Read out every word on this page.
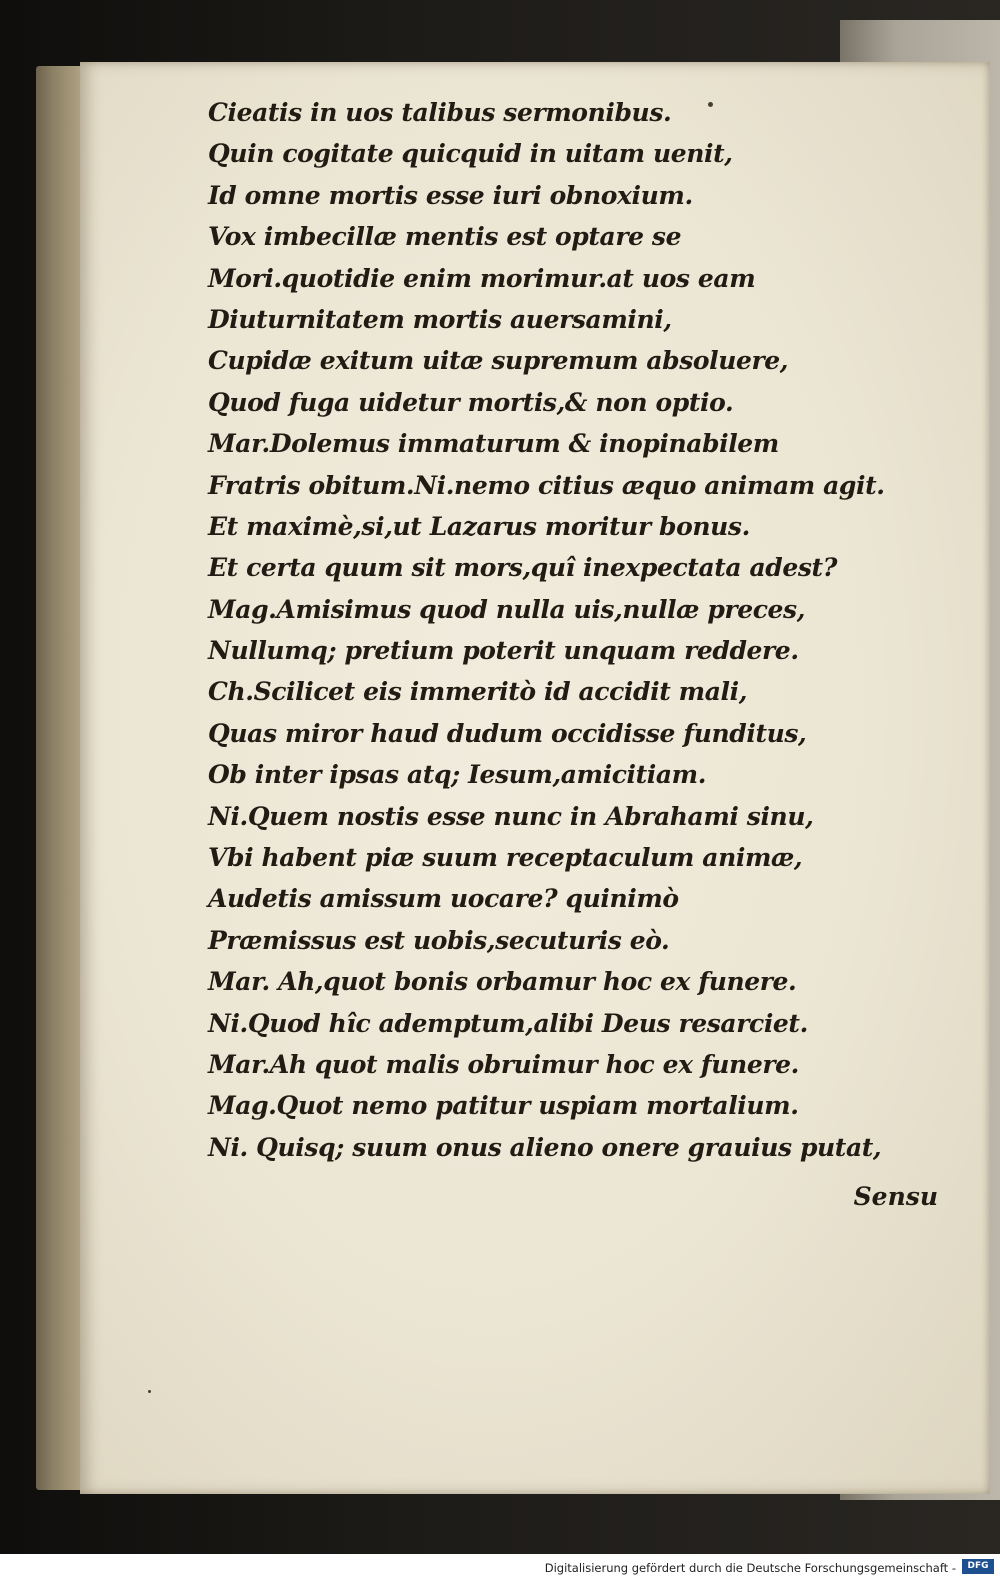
Cieatis in uos talibus sermonibus.
Quin cogitate quicquid in uitam uenit,
Id omne mortis esse iuri obnoxium.
Vox imbecillæ mentis est optare se
Mori.quotidie enim morimur.at uos eam
Diuturnitatem mortis auersamini,
Cupidæ exitum uitæ supremum absoluere,
Quod fuga uidetur mortis,& non optio.
Mar.Dolemus immaturum & inopinabilem
Fratris obitum.Ni.nemo citius æquo animam agit.
Et maximè,si,ut Lazarus moritur bonus.
Et certa quum sit mors,quî inexpectata adest?
Mag.Amisimus quod nulla uis,nullæ preces,
Nullumq; pretium poterit unquam reddere.
Ch.Scilicet eis immeritò id accidit mali,
Quas miror haud dudum occidisse funditus,
Ob inter ipsas atq; Iesum,amicitiam.
Ni.Quem nostis esse nunc in Abrahami sinu,
Vbi habent piæ suum receptaculum animæ,
Audetis amissum uocare? quinimò
Præmissus est uobis,secuturis eò.
Mar. Ah,quot bonis orbamur hoc ex funere.
Ni.Quod hîc ademptum,alibi Deus resarciet.
Mar.Ah quot malis obruimur hoc ex funere.
Mag.Quot nemo patitur uspiam mortalium.
Ni. Quisq; suum onus alieno onere grauius putat,
Sensu
Digitalisierung gefördert durch die Deutsche Forschungsgemeinschaft -	DFG
